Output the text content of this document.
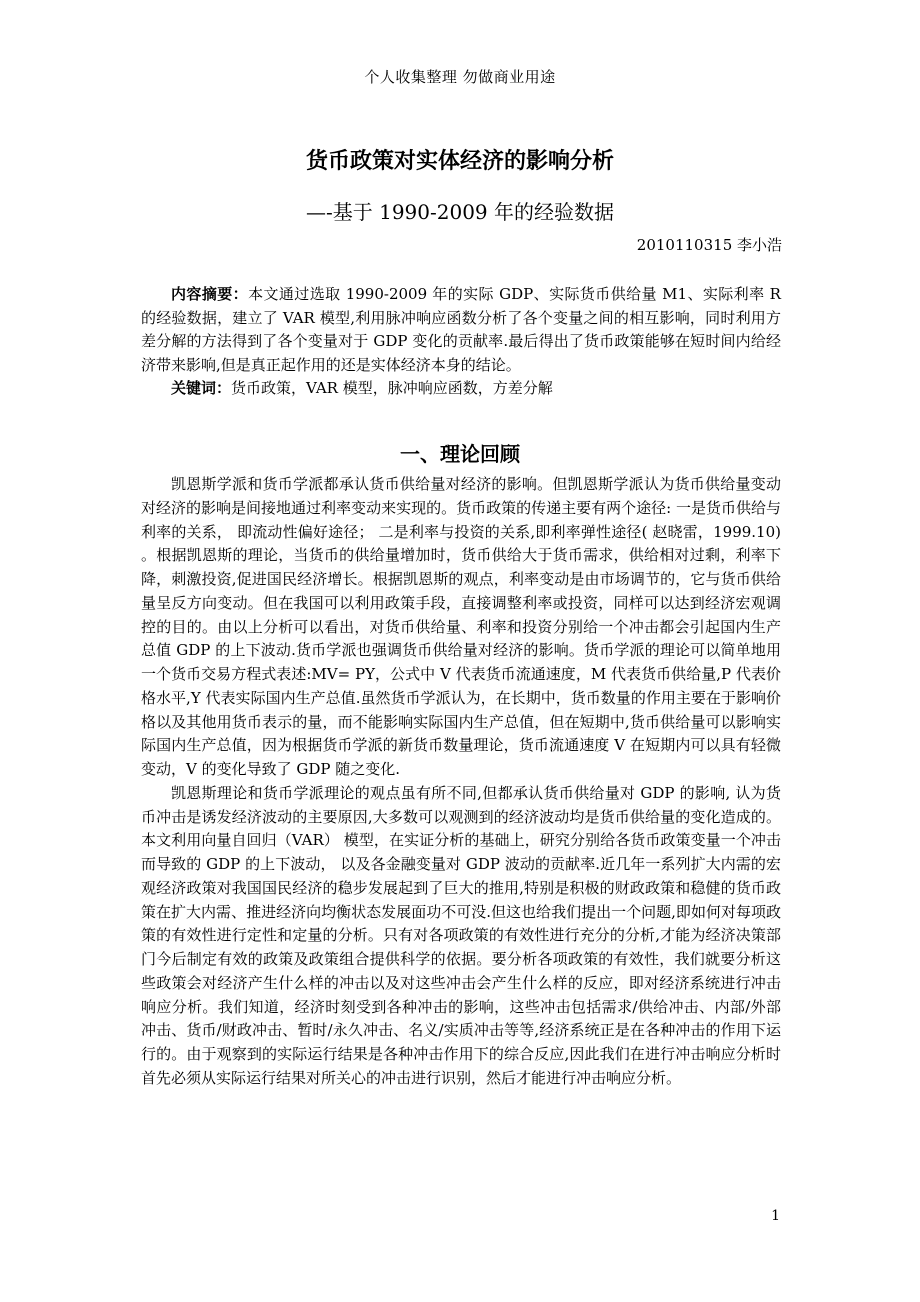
个人收集整理 勿做商业用途
货币政策对实体经济的影响分析
—-基于 1990-2009 年的经验数据
2010110315 李小浩

内容摘要：本文通过选取 1990-2009 年的实际 GDP、实际货币供给量 M1、实际利率 R 的经验数据，建立了 VAR 模型,利用脉冲响应函数分析了各个变量之间的相互影响，同时利用方差分解的方法得到了各个变量对于 GDP 变化的贡献率.最后得出了货币政策能够在短时间内给经济带来影响,但是真正起作用的还是实体经济本身的结论。

关键词：货币政策，VAR 模型，脉冲响应函数，方差分解

一、理论回顾

凯恩斯学派和货币学派都承认货币供给量对经济的影响。但凯恩斯学派认为货币供给量变动对经济的影响是间接地通过利率变动来实现的。货币政策的传递主要有两个途径: 一是货币供给与利率的关系， 即流动性偏好途径； 二是利率与投资的关系,即利率弹性途径( 赵晓雷，1999.10) 。根据凯恩斯的理论，当货币的供给量增加时，货币供给大于货币需求，供给相对过剩，利率下降，刺激投资,促进国民经济增长。根据凯恩斯的观点，利率变动是由市场调节的，它与货币供给量呈反方向变动。但在我国可以利用政策手段，直接调整利率或投资，同样可以达到经济宏观调控的目的。由以上分析可以看出，对货币供给量、利率和投资分别给一个冲击都会引起国内生产总值 GDP 的上下波动.货币学派也强调货币供给量对经济的影响。货币学派的理论可以简单地用一个货币交易方程式表述:MV= PY，公式中 V 代表货币流通速度，M 代表货币供给量,P 代表价格水平,Y 代表实际国内生产总值.虽然货币学派认为，在长期中，货币数量的作用主要在于影响价格以及其他用货币表示的量，而不能影响实际国内生产总值，但在短期中,货币供给量可以影响实际国内生产总值，因为根据货币学派的新货币数量理论，货币流通速度 V 在短期内可以具有轻微变动，V 的变化导致了 GDP 随之变化.

凯恩斯理论和货币学派理论的观点虽有所不同,但都承认货币供给量对 GDP 的影响, 认为货币冲击是诱发经济波动的主要原因,大多数可以观测到的经济波动均是货币供给量的变化造成的。本文利用向量自回归（VAR） 模型，在实证分析的基础上，研究分别给各货币政策变量一个冲击而导致的 GDP 的上下波动， 以及各金融变量对 GDP 波动的贡献率.近几年一系列扩大内需的宏观经济政策对我国国民经济的稳步发展起到了巨大的推用,特别是积极的财政政策和稳健的货币政策在扩大内需、推进经济向均衡状态发展面功不可没.但这也给我们提出一个问题,即如何对每项政策的有效性进行定性和定量的分析。只有对各项政策的有效性进行充分的分析,才能为经济决策部门今后制定有效的政策及政策组合提供科学的依据。要分析各项政策的有效性，我们就要分析这些政策会对经济产生什么样的冲击以及对这些冲击会产生什么样的反应，即对经济系统进行冲击响应分析。我们知道，经济时刻受到各种冲击的影响，这些冲击包括需求/供给冲击、内部/外部冲击、货币/财政冲击、暂时/永久冲击、名义/实质冲击等等,经济系统正是在各种冲击的作用下运行的。由于观察到的实际运行结果是各种冲击作用下的综合反应,因此我们在进行冲击响应分析时首先必须从实际运行结果对所关心的冲击进行识别，然后才能进行冲击响应分析。

1
